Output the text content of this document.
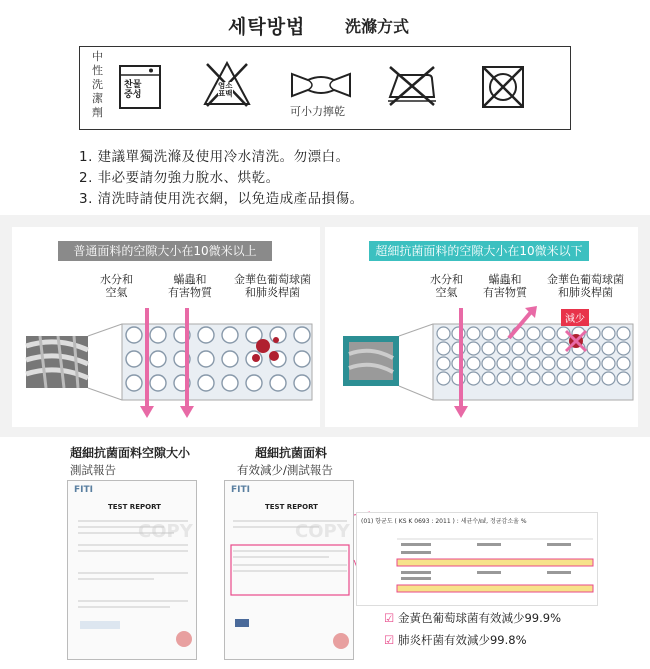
세탁방법 洗滌方式
中
性
洗
潔
劑
찬물
중성
염소
표백
可小力擰乾
1. 建議單獨洗滌及使用冷水清洗。勿漂白。
2. 非必要請勿強力脫水、烘乾。
3. 清洗時請使用洗衣網，以免造成產品損傷。
普通面料的空隙大小在10微米以上
水分和
空氣
蟎蟲和
有害物質
金華色葡萄球菌
和肺炎桿菌
超細抗菌面料的空隙大小在10微米以下
水分和
空氣
蟎蟲和
有害物質
金華色葡萄球菌
和肺炎桿菌
減少
超細抗菌面料空隙大小
測試報告
超細抗菌面料
有效減少/測試報告
FITI
TEST REPORT
COPY
FITI
TEST REPORT
COPY (01) 항균도 ( KS K 0693 : 2011 ) : 세균수/㎖, 정균감소율 %
☑ 金黃色葡萄球菌有效減少99.9%
☑ 肺炎杆菌有效減少99.8%
